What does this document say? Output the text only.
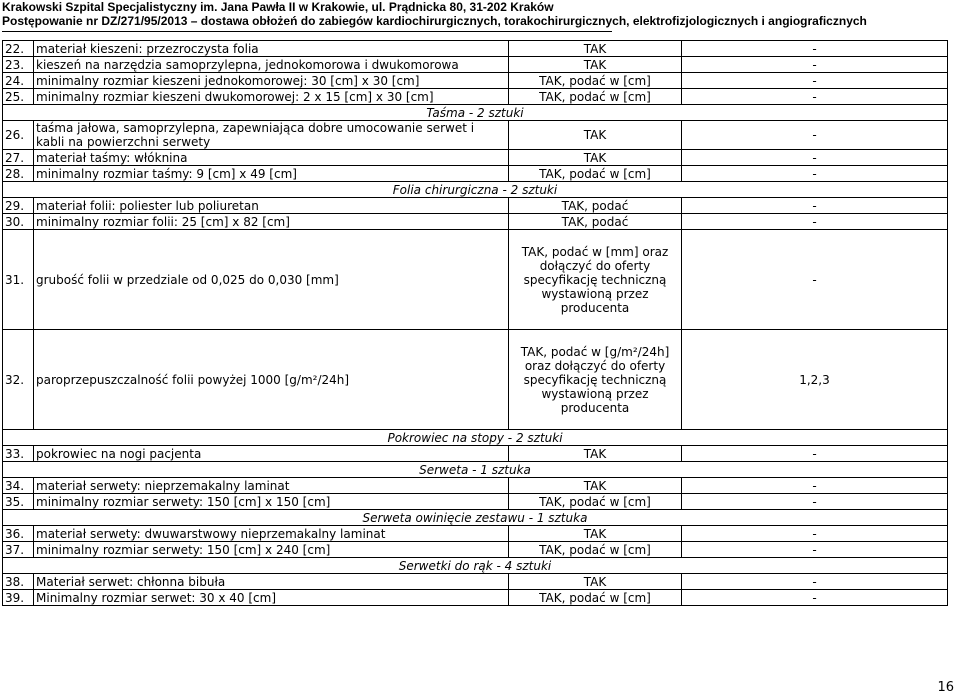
Krakowski Szpital Specjalistyczny im. Jana Pawła II w Krakowie, ul. Prądnicka 80, 31-202 Kraków
Postępowanie nr DZ/271/95/2013 – dostawa obłożeń do zabiegów kardiochirurgicznych, torakochirurgicznych, elektrofizjologicznych i angiograficznych
22.	materiał kieszeni: przezroczysta folia	TAK	-
23.	kieszeń na narzędzia samoprzylepna, jednokomorowa i dwukomorowa	TAK	-
24.	minimalny rozmiar kieszeni jednokomorowej: 30 [cm] x 30 [cm]	TAK, podać w [cm]	-
25.	minimalny rozmiar kieszeni dwukomorowej: 2 x 15 [cm] x 30 [cm]	TAK, podać w [cm]	-
Taśma - 2 sztuki			
26.	taśma jałowa, samoprzylepna, zapewniająca dobre umocowanie serwet i kabli na powierzchni serwety	TAK	-
27.	materiał taśmy: włóknina	TAK	-
28.	minimalny rozmiar taśmy: 9 [cm] x 49 [cm]	TAK, podać w [cm]	-
Folia chirurgiczna - 2 sztuki			
29.	materiał folii: poliester lub poliuretan	TAK, podać	-
30.	minimalny rozmiar folii: 25 [cm] x 82 [cm]	TAK, podać	-
31.	grubość folii w przedziale od 0,025 do 0,030 [mm]	TAK, podać w [mm] oraz dołączyć do oferty specyfikację techniczną wystawioną przez producenta	-
32.	paroprzepuszczalność folii powyżej 1000 [g/m²/24h]	TAK, podać w [g/m²/24h] oraz dołączyć do oferty specyfikację techniczną wystawioną przez producenta	1,2,3
Pokrowiec na stopy - 2 sztuki			
33.	pokrowiec na nogi pacjenta	TAK	-
Serweta - 1 sztuka			
34.	materiał serwety: nieprzemakalny laminat	TAK	-
35.	minimalny rozmiar serwety: 150 [cm] x 150 [cm]	TAK, podać w [cm]	-
Serweta owinięcie zestawu - 1 sztuka			
36.	materiał serwety: dwuwarstwowy nieprzemakalny laminat	TAK	-
37.	minimalny rozmiar serwety: 150 [cm] x 240 [cm]	TAK, podać w [cm]	-
Serwetki do rąk - 4 sztuki			
38.	Materiał serwet: chłonna bibuła	TAK	-
39.	Minimalny rozmiar serwet: 30 x 40 [cm]	TAK, podać w [cm]	-
16
